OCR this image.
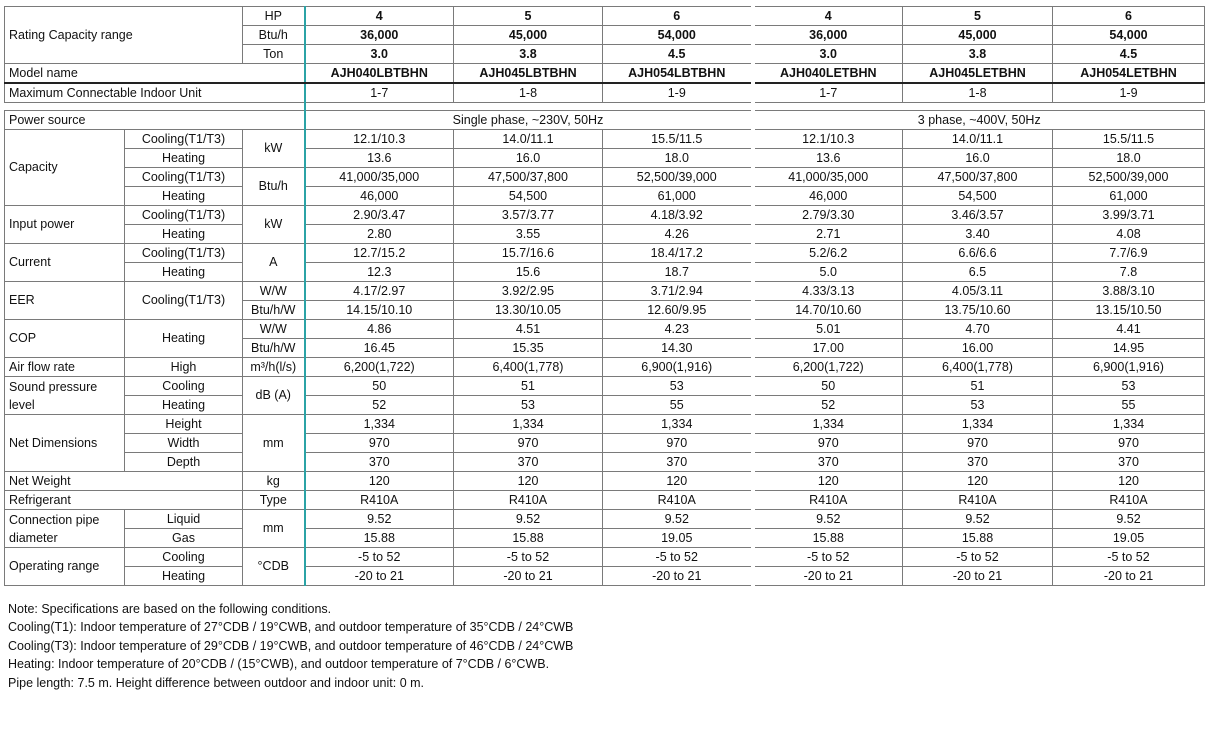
Rating Capacity range		HP	4	5	6	4	5	6
		Btu/h	36,000	45,000	54,000	36,000	45,000	54,000
		Ton	3.0	3.8	4.5	3.0	3.8	4.5
Model name			AJH040LBTBHN	AJH045LBTBHN	AJH054LBTBHN	AJH040LETBHN	AJH045LETBHN	AJH054LETBHN
Maximum Connectable Indoor Unit			1-7	1-8	1-9	1-7	1-8	1-9

Power source			Single phase, ~230V, 50Hz			3 phase, ~400V, 50Hz		
Capacity	Cooling(T1/T3)	kW	12.1/10.3	14.0/11.1	15.5/11.5	12.1/10.3	14.0/11.1	15.5/11.5
	Heating		13.6	16.0	18.0	13.6	16.0	18.0
	Cooling(T1/T3)	Btu/h	41,000/35,000	47,500/37,800	52,500/39,000	41,000/35,000	47,500/37,800	52,500/39,000
	Heating		46,000	54,500	61,000	46,000	54,500	61,000
Input power	Cooling(T1/T3)	kW	2.90/3.47	3.57/3.77	4.18/3.92	2.79/3.30	3.46/3.57	3.99/3.71
	Heating		2.80	3.55	4.26	2.71	3.40	4.08
Current	Cooling(T1/T3)	A	12.7/15.2	15.7/16.6	18.4/17.2	5.2/6.2	6.6/6.6	7.7/6.9
	Heating		12.3	15.6	18.7	5.0	6.5	7.8
EER	Cooling(T1/T3)	W/W	4.17/2.97	3.92/2.95	3.71/2.94	4.33/3.13	4.05/3.11	3.88/3.10
		Btu/h/W	14.15/10.10	13.30/10.05	12.60/9.95	14.70/10.60	13.75/10.60	13.15/10.50
COP	Heating	W/W	4.86	4.51	4.23	5.01	4.70	4.41
		Btu/h/W	16.45	15.35	14.30	17.00	16.00	14.95
Air flow rate	High	m³/h(l/s)	6,200(1,722)	6,400(1,778)	6,900(1,916)	6,200(1,722)	6,400(1,778)	6,900(1,916)

Sound pressure
level	Cooling	dB (A)	50	51	53	50	51	53
	Heating		52	53	55	52	53	55
Net Dimensions	Height	mm	1,334	1,334	1,334	1,334	1,334	1,334
	Width		970	970	970	970	970	970
	Depth		370	370	370	370	370	370
Net Weight		kg	120	120	120	120	120	120
Refrigerant		Type	R410A	R410A	R410A	R410A	R410A	R410A

Connection pipe
diameter	Liquid	mm	9.52	9.52	9.52	9.52	9.52	9.52
	Gas		15.88	15.88	19.05	15.88	15.88	19.05
Operating range	Cooling	°CDB	-5 to 52	-5 to 52	-5 to 52	-5 to 52	-5 to 52	-5 to 52
	Heating		-20 to 21	-20 to 21	-20 to 21	-20 to 21	-20 to 21	-20 to 21
Note: Specifications are based on the following conditions.
Cooling(T1): Indoor temperature of 27°CDB / 19°CWB, and outdoor temperature of 35°CDB / 24°CWB
Cooling(T3): Indoor temperature of 29°CDB / 19°CWB, and outdoor temperature of 46°CDB / 24°CWB
Heating: Indoor temperature of 20°CDB / (15°CWB), and outdoor temperature of 7°CDB / 6°CWB.
Pipe length: 7.5 m. Height difference between outdoor and indoor unit: 0 m.
